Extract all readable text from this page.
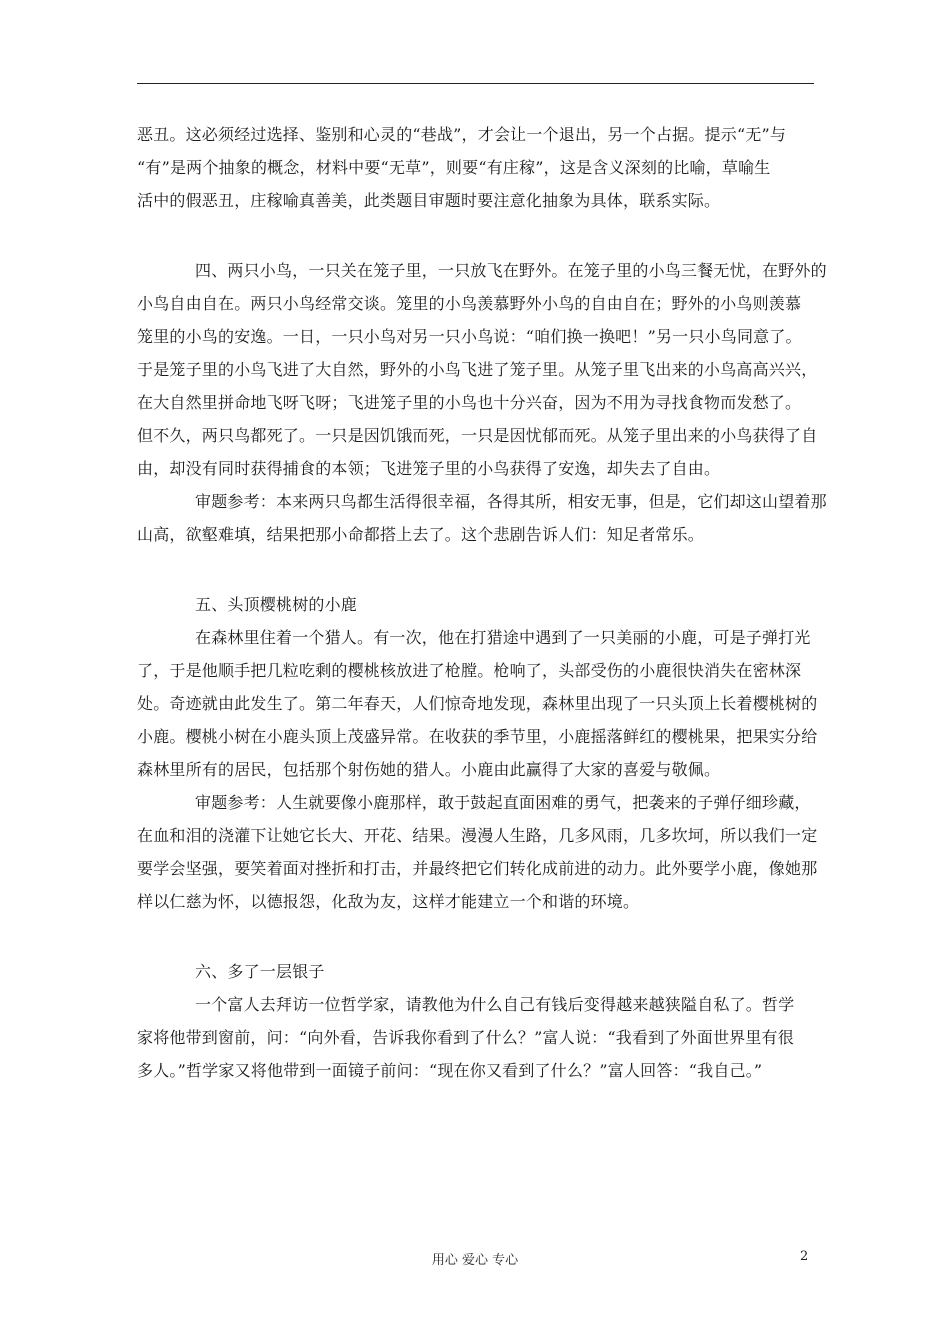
恶丑。这必须经过选择、鉴别和心灵的“巷战”，才会让一个退出，另一个占据。提示“无”与
“有”是两个抽象的概念，材料中要“无草”，则要“有庄稼”，这是含义深刻的比喻，草喻生
活中的假恶丑，庄稼喻真善美，此类题目审题时要注意化抽象为具体，联系实际。
四、两只小鸟，一只关在笼子里，一只放飞在野外。在笼子里的小鸟三餐无忧，在野外的
小鸟自由自在。两只小鸟经常交谈。笼里的小鸟羡慕野外小鸟的自由自在；野外的小鸟则羡慕
笼里的小鸟的安逸。一日，一只小鸟对另一只小鸟说：“咱们换一换吧！”另一只小鸟同意了。
于是笼子里的小鸟飞进了大自然，野外的小鸟飞进了笼子里。从笼子里飞出来的小鸟高高兴兴，
在大自然里拼命地飞呀飞呀；飞进笼子里的小鸟也十分兴奋，因为不用为寻找食物而发愁了。
但不久，两只鸟都死了。一只是因饥饿而死，一只是因忧郁而死。从笼子里出来的小鸟获得了自
由，却没有同时获得捕食的本领；飞进笼子里的小鸟获得了安逸，却失去了自由。
审题参考：本来两只鸟都生活得很幸福，各得其所，相安无事，但是，它们却这山望着那
山高，欲壑难填，结果把那小命都搭上去了。这个悲剧告诉人们：知足者常乐。
五、头顶樱桃树的小鹿
在森林里住着一个猎人。有一次，他在打猎途中遇到了一只美丽的小鹿，可是子弹打光
了，于是他顺手把几粒吃剩的樱桃核放进了枪膛。枪响了，头部受伤的小鹿很快消失在密林深
处。奇迹就由此发生了。第二年春天，人们惊奇地发现，森林里出现了一只头顶上长着樱桃树的
小鹿。樱桃小树在小鹿头顶上茂盛异常。在收获的季节里，小鹿摇落鲜红的樱桃果，把果实分给
森林里所有的居民，包括那个射伤她的猎人。小鹿由此赢得了大家的喜爱与敬佩。
审题参考：人生就要像小鹿那样，敢于鼓起直面困难的勇气，把袭来的子弹仔细珍藏，
在血和泪的浇灌下让她它长大、开花、结果。漫漫人生路，几多风雨，几多坎坷，所以我们一定
要学会坚强，要笑着面对挫折和打击，并最终把它们转化成前进的动力。此外要学小鹿，像她那
样以仁慈为怀，以德报怨，化敌为友，这样才能建立一个和谐的环境。
六、多了一层银子
一个富人去拜访一位哲学家，请教他为什么自己有钱后变得越来越狭隘自私了。哲学
家将他带到窗前，问：“向外看，告诉我你看到了什么？”富人说：“我看到了外面世界里有很
多人。”哲学家又将他带到一面镜子前问：“现在你又看到了什么？”富人回答：“我自己。”
用心 爱心 专心	2
